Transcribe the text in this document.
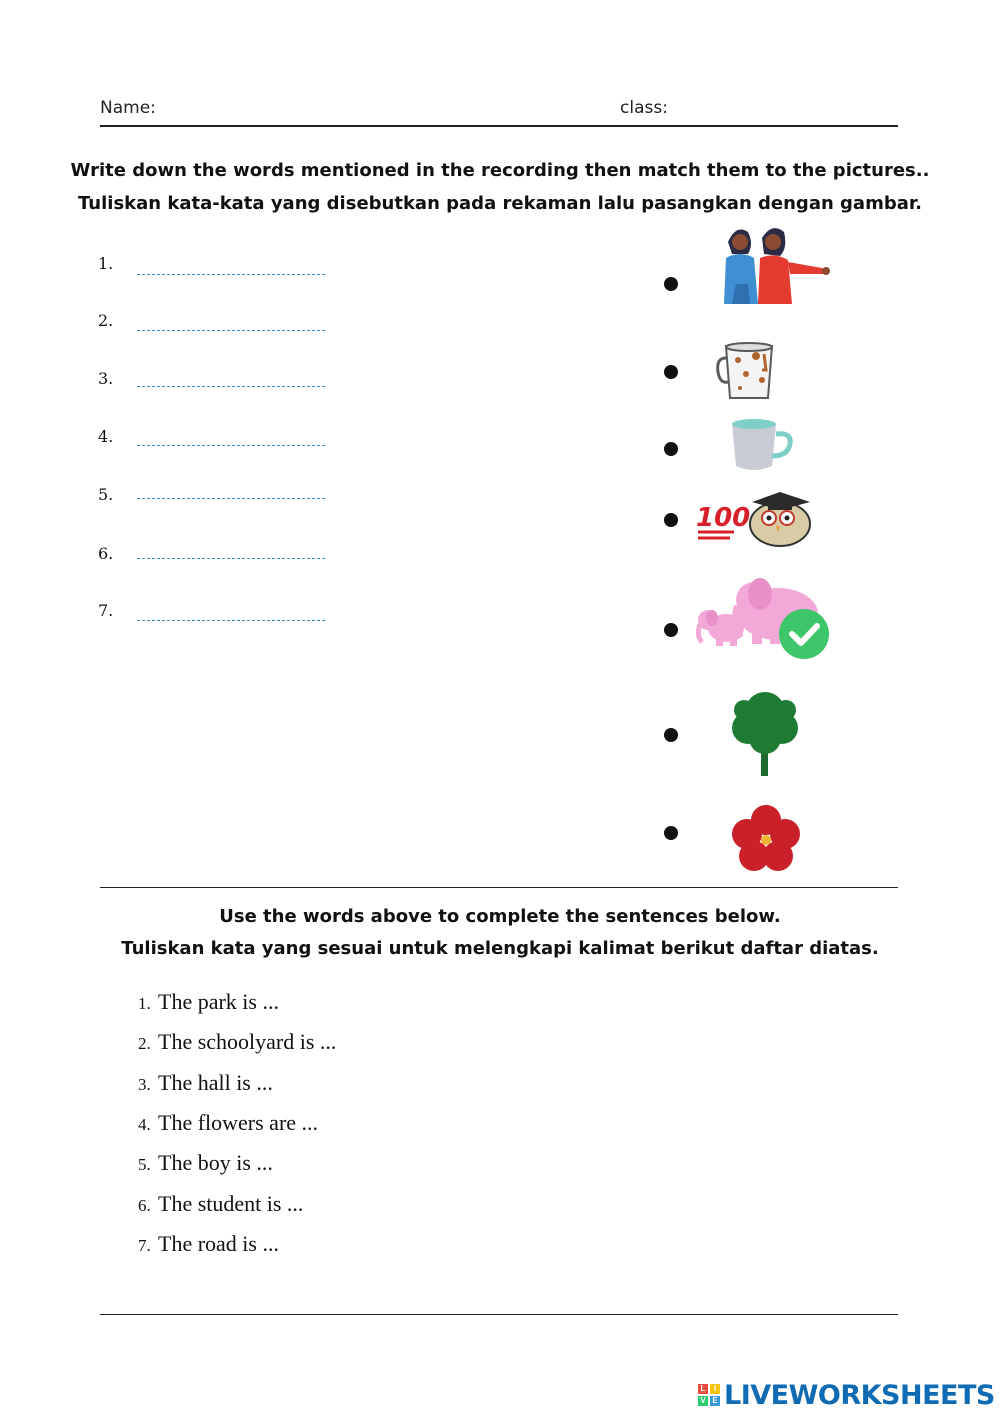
Name:	class:
Write down the words mentioned in the recording then match them to the pictures..
Tuliskan kata-kata yang disebutkan pada rekaman lalu pasangkan dengan gambar.
1.
2.
3.
4.
5.
6.
7.
100
Use the words above to complete the sentences below.
Tuliskan kata yang sesuai untuk melengkapi kalimat berikut daftar diatas.
1. The park is ...
2. The schoolyard is ...
3. The hall is ...
4. The flowers are ...
5. The boy is ...
6. The student is ...
7. The road is ...
L	I
V E LIVEWORKSHEETS
